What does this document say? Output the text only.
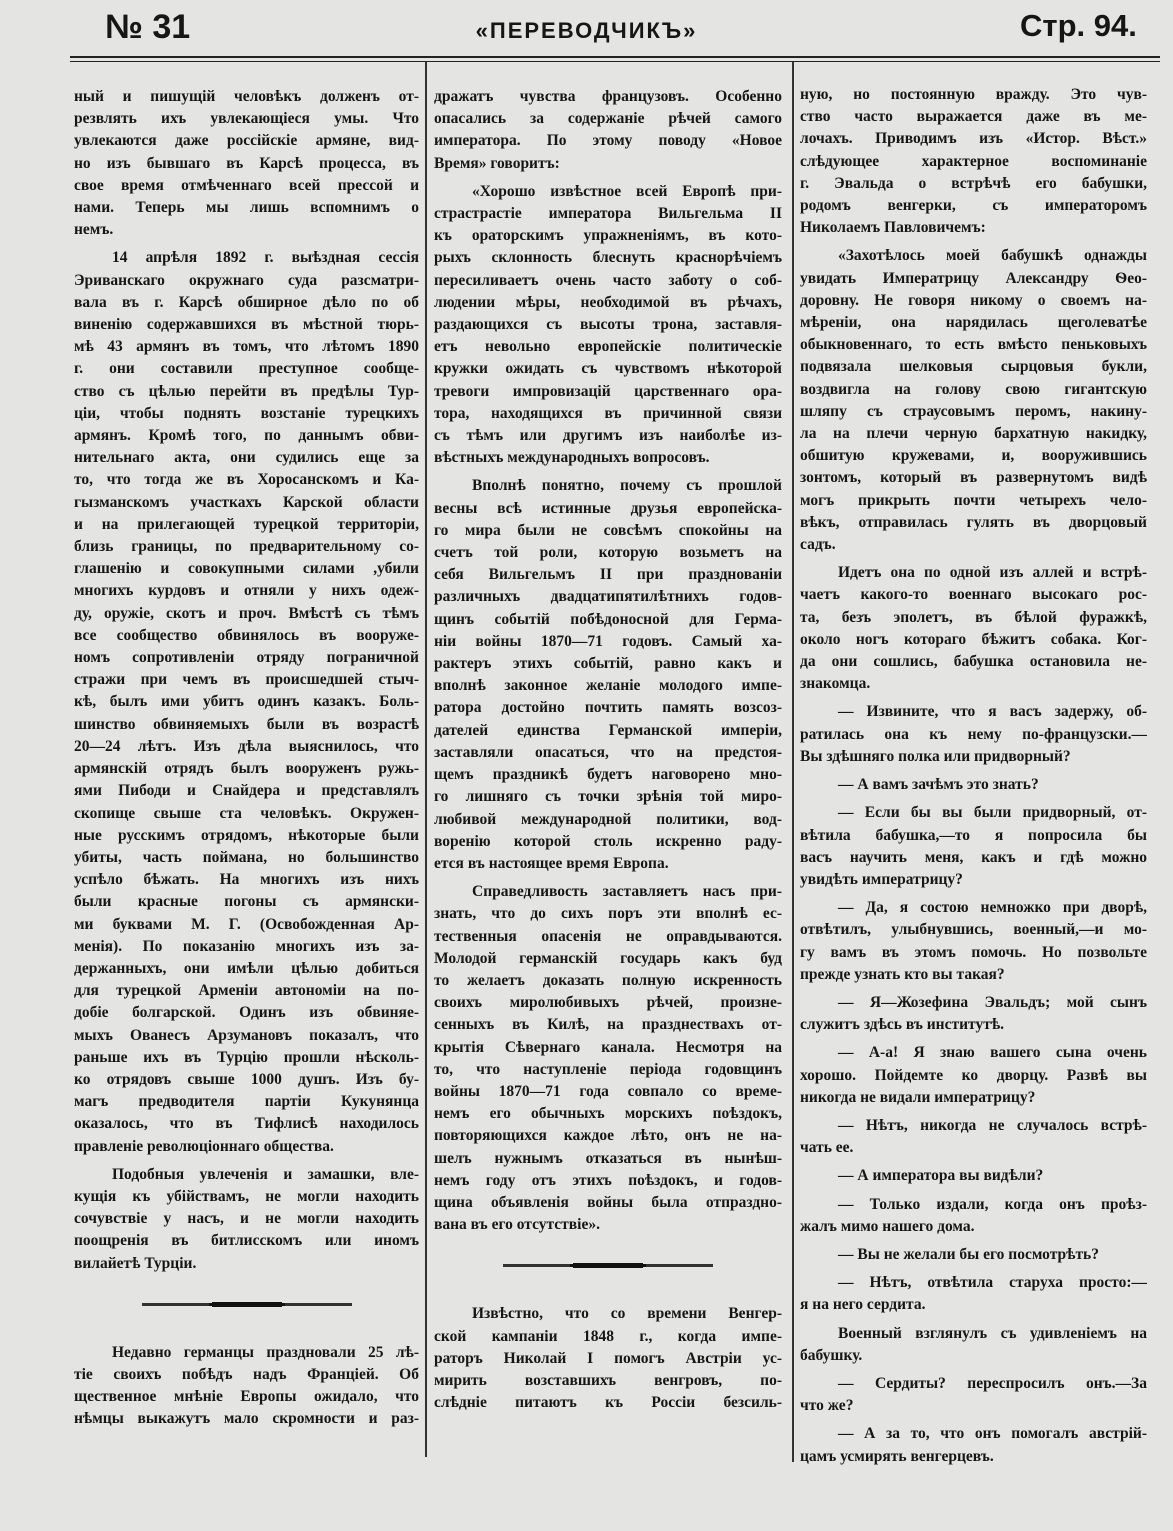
№ 31	«ПЕРЕВОДЧИКЪ»	Стр. 94.
ный и пишущій человѣкъ долженъ от-
резвлять ихъ увлекающіеся умы. Что
увлекаются даже россійскіе армяне, вид-
но изъ бывшаго въ Карсѣ процесса, въ
свое время отмѣченнаго всей прессой и
нами. Теперь мы лишь вспомнимъ о
немъ.
14 апрѣля 1892 г. выѣздная сессія
Эриванскаго окружнаго суда разсматри-
вала въ г. Карсѣ обширное дѣло по об
виненію содержавшихся въ мѣстной тюрь-
мѣ 43 армянъ въ томъ, что лѣтомъ 1890
г. они составили преступное сообще-
ство съ цѣлью перейти въ предѣлы Тур-
ціи, чтобы поднять возстаніе турецкихъ
армянъ. Кромѣ того, по даннымъ обви-
нительнаго акта, они судились еще за
то, что тогда же въ Хоросанскомъ и Ка-
гызманскомъ участкахъ Карской области
и на прилегающей турецкой территоріи,
близь границы, по предварительному со-
глашенію и совокупными силами ,убили
многихъ курдовъ и отняли у нихъ одеж-
ду, оружіе, скотъ и проч. Вмѣстѣ съ тѣмъ
все сообщество обвинялось въ вооруже-
номъ сопротивленіи отряду пограничной
стражи при чемъ въ происшедшей стыч-
кѣ, былъ ими убитъ одинъ казакъ. Боль-
шинство обвиняемыхъ были въ возрастѣ
20—24 лѣтъ. Изъ дѣла выяснилось, что
армянскій отрядъ былъ вооруженъ ружь-
ями Пибоди и Снайдера и представлялъ
скопище свыше ста человѣкъ. Окружен-
ные русскимъ отрядомъ, нѣкоторые были
убиты, часть поймана, но большинство
успѣло бѣжать. На многихъ изъ нихъ
были красные погоны съ армянски-
ми буквами М. Г. (Освобожденная Ар-
менія). По показанію многихъ изъ за-
держанныхъ, они имѣли цѣлью добиться
для турецкой Арменіи автономіи на по-
добіе болгарской. Одинъ изъ обвиняе-
мыхъ Ованесъ Арзумановъ показалъ, что
раньше ихъ въ Турцію прошли нѣсколь-
ко отрядовъ свыше 1000 душъ. Изъ бу-
магъ предводителя партіи Кукунянца
оказалось, что въ Тифлисѣ находилось
правленіе революціоннаго общества.
Подобныя увлеченія и замашки, вле-
кущія къ убійствамъ, не могли находить
сочувствіе у насъ, и не могли находить
поощренія въ битлисскомъ или иномъ
вилайетѣ Турціи.
Недавно германцы праздновали 25 лѣ-
тіе своихъ побѣдъ надъ Франціей. Об
щественное мнѣніе Европы ожидало, что
нѣмцы выкажутъ мало скромности и раз-
дражатъ чувства французовъ. Особенно
опасались за содержаніе рѣчей самого
императора. По этому поводу «Новое
Время» говоритъ:
«Хорошо извѣстное всей Европѣ при-
страстрастіе императора Вильгельма II
къ ораторскимъ упражненіямъ, въ кото-
рыхъ склонность блеснуть краснорѣчіемъ
пересиливаетъ очень часто заботу о соб-
людении мѣры, необходимой въ рѣчахъ,
раздающихся съ высоты трона, заставля-
етъ невольно европейскіе политическіе
кружки ожидать съ чувствомъ нѣкоторой
тревоги импровизацій царственнаго ора-
тора, находящихся въ причинной связи
съ тѣмъ или другимъ изъ наиболѣе из-
вѣстныхъ международныхъ вопросовъ.
Вполнѣ понятно, почему съ прошлой
весны всѣ истинные друзья европейска-
го мира были не совсѣмъ спокойны на
счетъ той роли, которую возьметъ на
себя Вильгельмъ II при празднованіи
различныхъ двадцатипятилѣтнихъ годов-
щинъ событій побѣдоносной для Герма-
ніи войны 1870—71 годовъ. Самый ха-
рактеръ этихъ событій, равно какъ и
вполнѣ законное желаніе молодого импе-
ратора достойно почтить память возсоз-
дателей единства Германской имперіи,
заставляли опасаться, что на предстоя-
щемъ праздникѣ будетъ наговорено мно-
го лишняго съ точки зрѣнія той миро-
любивой международной политики, вод-
воренію которой столь искренно раду-
ется въ настоящее время Европа.
Справедливость заставляетъ насъ при-
знать, что до сихъ поръ эти вполнѣ ес-
тественныя опасенія не оправдываются.
Молодой германскій государь какъ буд
то желаетъ доказать полную искренность
своихъ миролюбивыхъ рѣчей, произне-
сенныхъ въ Килѣ, на празднествахъ от-
крытія Сѣвернаго канала. Несмотря на
то, что наступленіе періода годовщинъ
войны 1870—71 года совпало со време-
немъ его обычныхъ морскихъ поѣздокъ,
повторяющихся каждое лѣто, онъ не на-
шелъ нужнымъ отказаться въ нынѣш-
немъ году отъ этихъ поѣздокъ, и годов-
щина объявленія войны была отпраздно-
вана въ его отсутствіе».
Извѣстно, что со времени Венгер-
ской кампаніи 1848 г., когда импе-
раторъ Николай I помогъ Австріи ус-
мирить возставшихъ венгровъ, по-
слѣдніе питаютъ къ Россіи безсиль-
ную, но постоянную вражду. Это чув-
ство часто выражается даже въ ме-
лочахъ. Приводимъ изъ «Истор. Вѣст.»
слѣдующее характерное воспоминаніе
г. Эвальда о встрѣчѣ его бабушки,
родомъ венгерки, съ императоромъ
Николаемъ Павловичемъ:
«Захотѣлось моей бабушкѣ однажды
увидать Императрицу Александру Ѳео-
доровну. Не говоря никому о своемъ на-
мѣреніи, она нарядилась щеголеватѣе
обыкновеннаго, то есть вмѣсто пеньковыхъ
подвязала шелковыя сырцовыя букли,
воздвигла на голову свою гигантскую
шляпу съ страусовымъ перомъ, накину-
ла на плечи черную бархатную накидку,
обшитую кружевами, и, вооружившись
зонтомъ, который въ развернутомъ видѣ
могъ прикрыть почти четырехъ чело-
вѣкъ, отправилась гулять въ дворцовый
садъ.
Идетъ она по одной изъ аллей и встрѣ-
чаетъ какого-то военнаго высокаго рос-
та, безъ эполетъ, въ бѣлой фуражкѣ,
около ногъ котораго бѣжитъ собака. Ког-
да они сошлись, бабушка остановила не-
знакомца.
— Извините, что я васъ задержу, об-
ратилась она къ нему по-французски.—
Вы здѣшняго полка или придворный?
— А вамъ зачѣмъ это знать?
— Если бы вы были придворный, от-
вѣтила бабушка,—то я попросила бы
васъ научить меня, какъ и гдѣ можно
увидѣть императрицу?
— Да, я состою немножко при дворѣ,
отвѣтилъ, улыбнувшись, военный,—и мо-
гу вамъ въ этомъ помочь. Но позвольте
прежде узнать кто вы такая?
— Я—Жозефина Эвальдъ; мой сынъ
служитъ здѣсь въ институтѣ.
— А-а! Я знаю вашего сына очень
хорошо. Пойдемте ко дворцу. Развѣ вы
никогда не видали императрицу?
— Нѣтъ, никогда не случалось встрѣ-
чать ее.
— А императора вы видѣли?
— Только издали, когда онъ проѣз-
жалъ мимо нашего дома.
— Вы не желали бы его посмотрѣть?
— Нѣтъ, отвѣтила старуха просто:—
я на него сердита.
Военный взглянулъ съ удивленіемъ на
бабушку.
— Сердиты? переспросилъ онъ.—За
что же?
— А за то, что онъ помогалъ австрій-
цамъ усмирять венгерцевъ.
